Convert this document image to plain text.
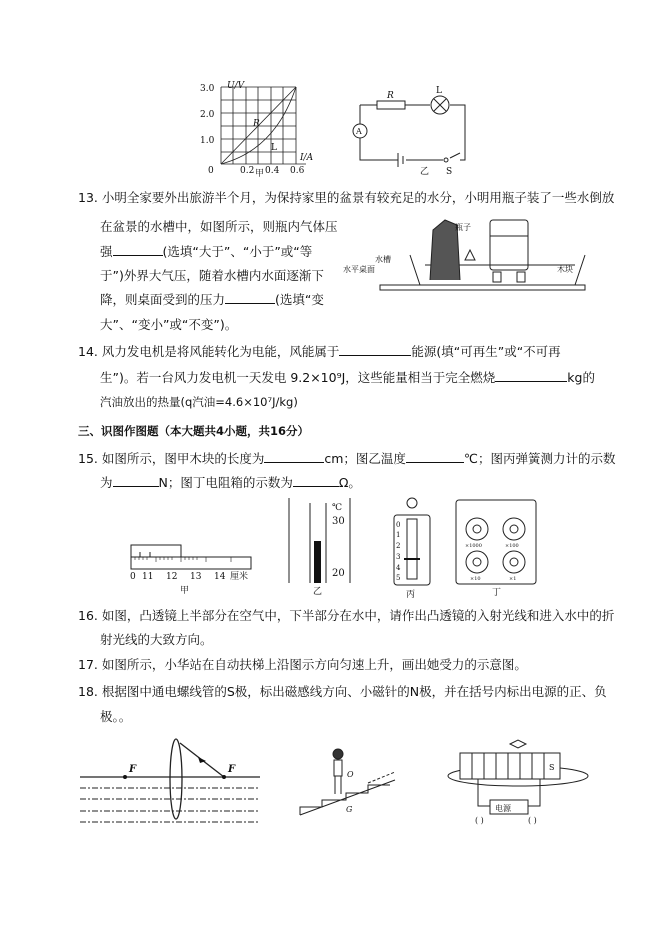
U/V
3.0
2.0
1.0
0	0.2 0.4 0.6
I/A
R
L
甲
R	L
A
S
乙
13. 小明全家要外出旅游半个月，为保持家里的盆景有较充足的水分，小明用瓶子装了一些水倒放
在盆景的水槽中，如图所示，则瓶内气体压
强	(选填“大于”、“小于”或“等
于”)外界大气压，随着水槽内水面逐渐下
降，则桌面受到的压力	(选填“变
大”、“变小”或“不变”)。
瓶子
水槽
水平桌面	木块
14. 风力发电机是将风能转化为电能，风能属于	能源(填“可再生”或“不可再
生”)。若一台风力发电机一天发电 9.2×10⁹J，这些能量相当于完全燃烧	kg的
汽油放出的热量(q汽油=4.6×10⁷J/kg)
三、识图作图题（本大题共4小题，共16分）
15. 如图所示，图甲木块的长度为	cm；图乙温度	℃；图丙弹簧测力计的示数
为	N；图丁电阻箱的示数为	Ω。
0 11 12 13 14 厘米
甲
℃
30
20
乙
0
1
2
3
4
5
丙
×1000	×100
×10	×1
丁
16. 如图，凸透镜上半部分在空气中，下半部分在水中，请作出凸透镜的入射光线和进入水中的折
射光线的大致方向。
17. 如图所示，小华站在自动扶梯上沿图示方向匀速上升，画出她受力的示意图。
18. 根据图中通电螺线管的S极，标出磁感线方向、小磁针的N极，并在括号内标出电源的正、负
极。。
F	F	O
G
S
电源
( )	( )
